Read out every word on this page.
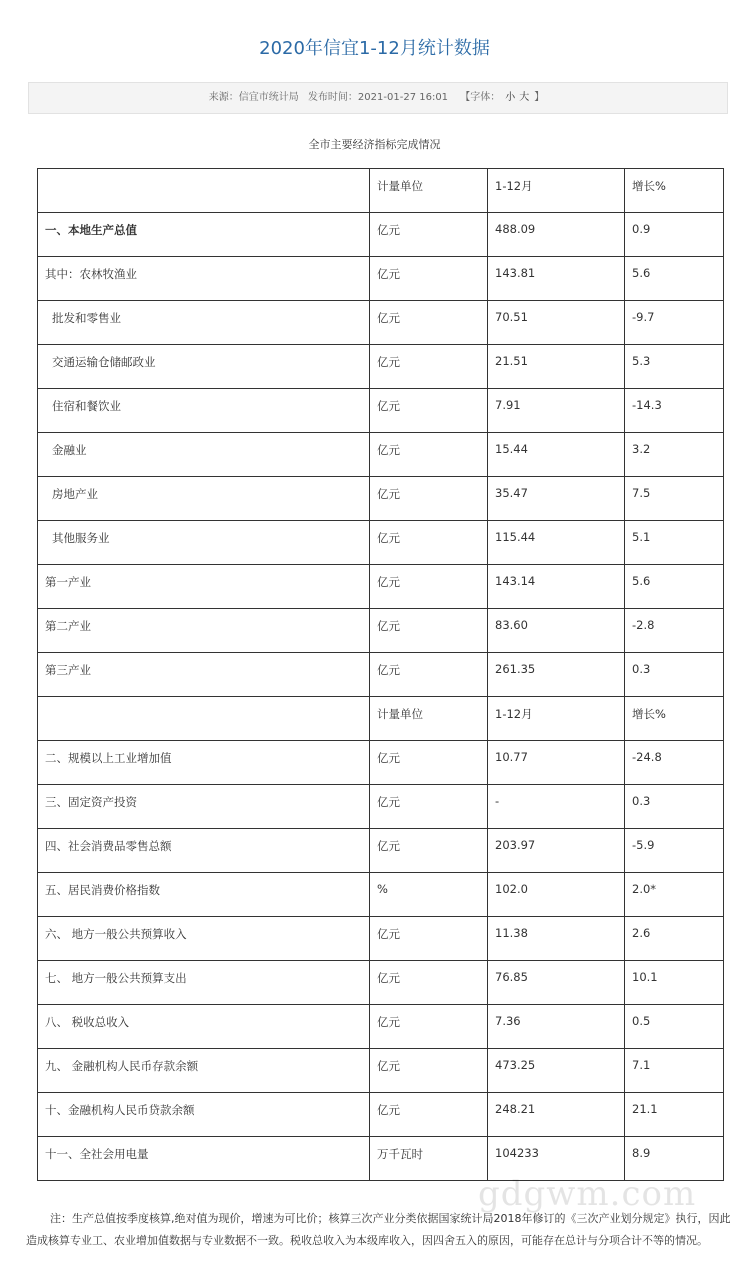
2020年信宜1-12月统计数据
来源：信宜市统计局 发布时间：2021-01-27 16:01 【字体： 小 大 】
全市主要经济指标完成情况
	计量单位	1-12月	增长%
一、本地生产总值	亿元	488.09	0.9
其中：农林牧渔业	亿元	143.81	5.6
批发和零售业	亿元	70.51	-9.7
交通运输仓储邮政业	亿元	21.51	5.3
住宿和餐饮业	亿元	7.91	-14.3
金融业	亿元	15.44	3.2
房地产业	亿元	35.47	7.5
其他服务业	亿元	115.44	5.1
第一产业	亿元	143.14	5.6
第二产业	亿元	83.60	-2.8
第三产业	亿元	261.35	0.3
	计量单位	1-12月	增长%
二、规模以上工业增加值	亿元	10.77	-24.8
三、固定资产投资	亿元	-	0.3
四、社会消费品零售总额	亿元	203.97	-5.9
五、居民消费价格指数	%	102.0	2.0*
六、 地方一般公共预算收入	亿元	11.38	2.6
七、 地方一般公共预算支出	亿元	76.85	10.1
八、 税收总收入	亿元	7.36	0.5
九、 金融机构人民币存款余额	亿元	473.25	7.1
十、金融机构人民币贷款余额	亿元	248.21	21.1
十一、全社会用电量	万千瓦时	104233	8.9
注：生产总值按季度核算,绝对值为现价，增速为可比价；核算三次产业分类依据国家统计局2018年修订的《三次产业划分规定》执行，因此造成核算专业工、农业增加值数据与专业数据不一致。税收总收入为本级库收入，因四舍五入的原因，可能存在总计与分项合计不等的情况。
gdgwm.com
